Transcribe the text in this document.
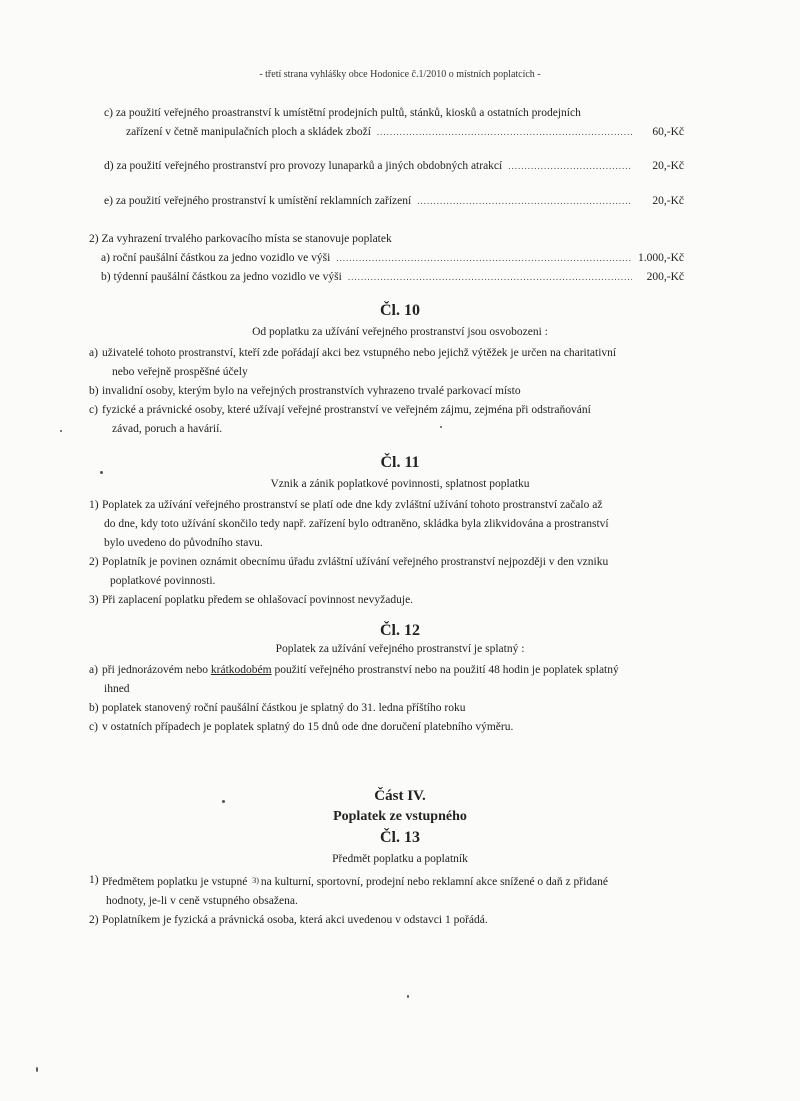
- třetí strana vyhlášky obce Hodonice č.1/2010 o místních poplatcích -
c) za použití veřejného proastranství k umístětní prodejních pultů, stánků, kiosků a ostatních prodejních
zařízení v četně manipulačních ploch a skládek zboží .....	60,-Kč
d) za použití veřejného prostranství pro provozy lunaparků a jiných obdobných atrakcí .....	20,-Kč
e) za použití veřejného prostranství k umístění reklamních zařízení .....	20,-Kč
2) Za vyhrazení trvalého parkovacího místa se stanovuje poplatek
a) roční paušální částkou za jedno vozidlo ve výši .....	1.000,-Kč
b) týdenní paušální částkou za jedno vozidlo ve výši .....	200,-Kč
Čl. 10
Od poplatku za užívání veřejného prostranství jsou osvobozeni :
a) uživatelé tohoto prostranství, kteří zde pořádají akci bez vstupného nebo jejichž výtěžek je určen na charitativní
nebo veřejně prospěšné účely
b) invalidní osoby, kterým bylo na veřejných prostranstvích vyhrazeno trvalé parkovací místo
c) fyzické a právnické osoby, které užívají veřejné prostranství ve veřejném zájmu, zejména při odstraňování
závad, poruch a havárií.
Čl. 11
Vznik a zánik poplatkové povinnosti, splatnost poplatku
1) Poplatek za užívání veřejného prostranství se platí ode dne kdy zvláštní užívání tohoto prostranství začalo až
do dne, kdy toto užívání skončilo tedy např. zařízení bylo odtraněno, skládka byla zlikvidována a prostranství
bylo uvedeno do původního stavu.
2) Poplatník je povinen oznámit obecnímu úřadu zvláštní užívání veřejného prostranství nejpozději v den vzniku
poplatkové povinnosti.
3) Při zaplacení poplatku předem se ohlašovací povinnost nevyžaduje.
Čl. 12
Poplatek za užívání veřejného prostranství je splatný :
a) při jednorázovém nebo krátkodobém použití veřejného prostranství nebo na použití 48 hodin je poplatek splatný
ihned
b) poplatek stanovený roční paušální částkou je splatný do 31. ledna příštího roku
c) v ostatních případech je poplatek splatný do 15 dnů ode dne doručení platebního výměru.
Část IV.
Poplatek ze vstupného
Čl. 13
Předmět poplatku a poplatník
1) Předmětem poplatku je vstupné $^{3)}$ na kulturní, sportovní, prodejní nebo reklamní akce snížené o daň z přidané
hodnoty, je-li v ceně vstupného obsažena.
2) Poplatníkem je fyzická a právnická osoba, která akci uvedenou v odstavci 1 pořádá.
